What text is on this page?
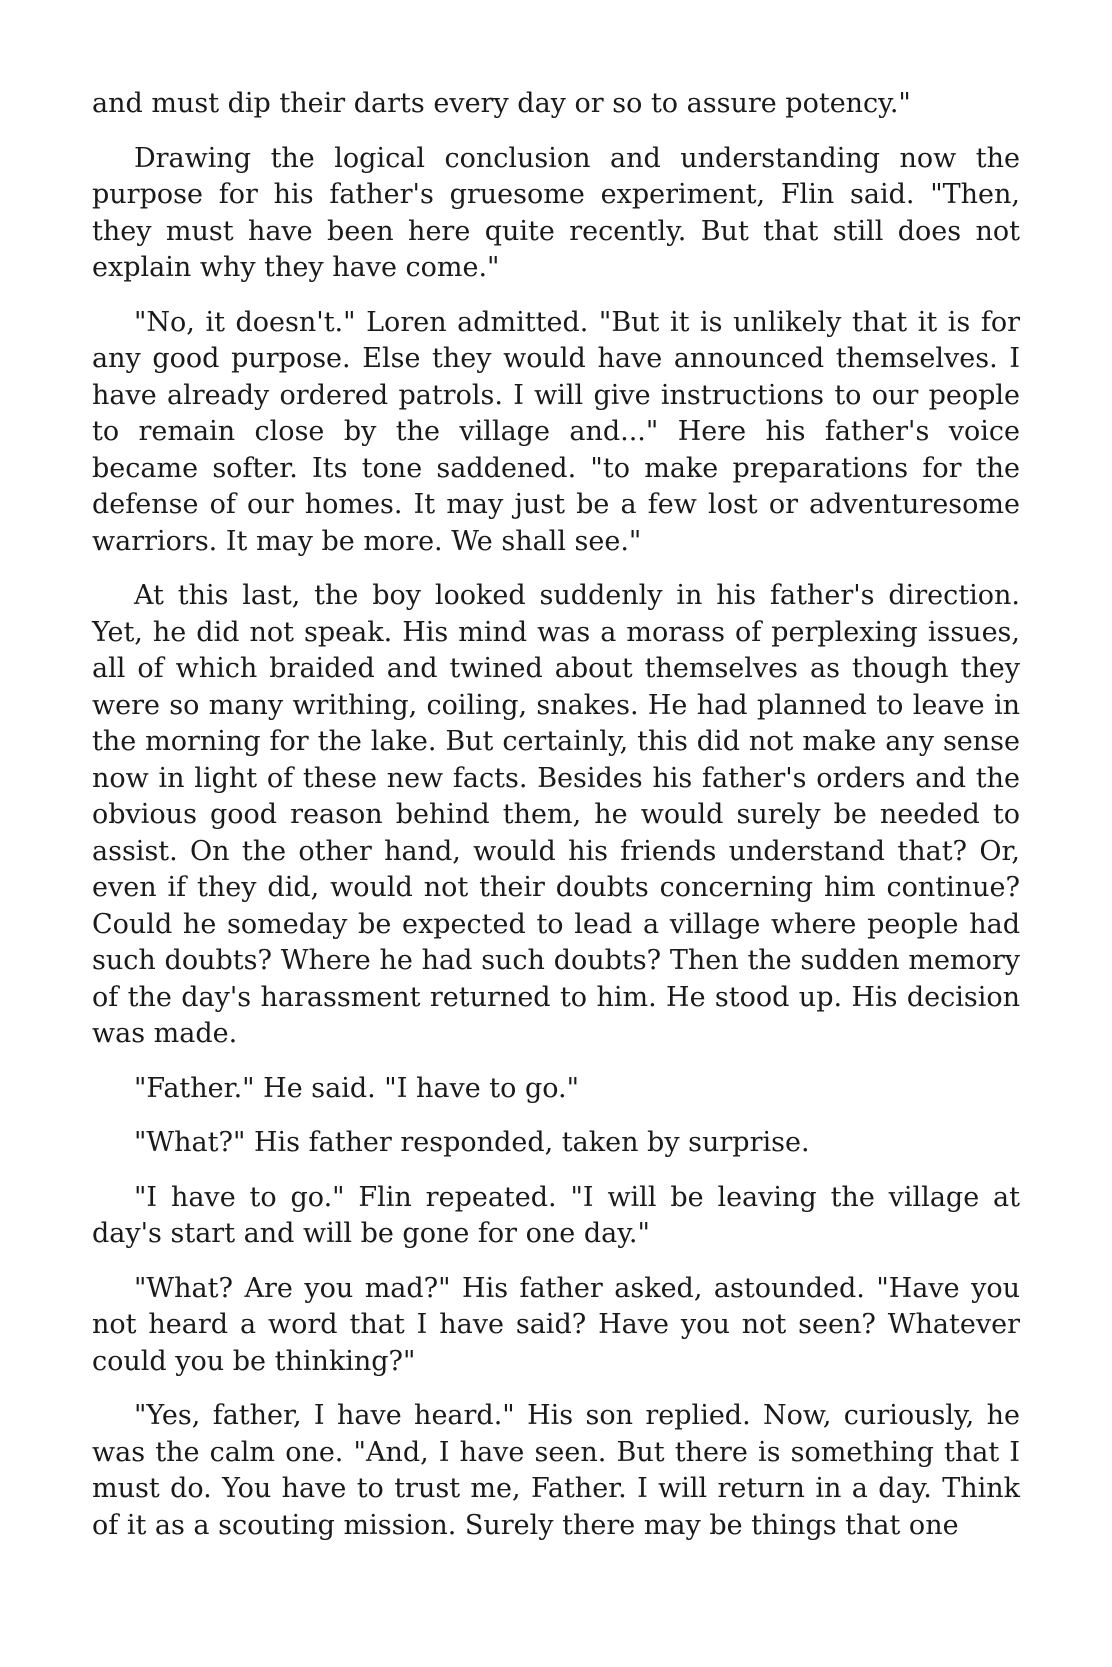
and must dip their darts every day or so to assure potency."

Drawing the logical conclusion and understanding now the purpose for his father's gruesome experiment, Flin said. "Then, they must have been here quite recently. But that still does not explain why they have come."

"No, it doesn't." Loren admitted. "But it is unlikely that it is for any good purpose. Else they would have announced themselves. I have already ordered patrols. I will give instructions to our people to remain close by the village and..." Here his father's voice became softer. Its tone saddened. "to make preparations for the defense of our homes. It may just be a few lost or adventuresome warriors. It may be more. We shall see."

At this last, the boy looked suddenly in his father's direction. Yet, he did not speak. His mind was a morass of perplexing issues, all of which braided and twined about themselves as though they were so many writhing, coiling, snakes. He had planned to leave in the morning for the lake. But certainly, this did not make any sense now in light of these new facts. Besides his father's orders and the obvious good reason behind them, he would surely be needed to assist. On the other hand, would his friends understand that? Or, even if they did, would not their doubts concerning him continue? Could he someday be expected to lead a village where people had such doubts? Where he had such doubts? Then the sudden memory of the day's harassment returned to him. He stood up. His decision was made.

"Father." He said. "I have to go."

"What?" His father responded, taken by surprise.

"I have to go." Flin repeated. "I will be leaving the village at day's start and will be gone for one day."

"What? Are you mad?" His father asked, astounded. "Have you not heard a word that I have said? Have you not seen? Whatever could you be thinking?"

"Yes, father, I have heard." His son replied. Now, curiously, he was the calm one. "And, I have seen. But there is something that I must do. You have to trust me, Father. I will return in a day. Think of it as a scouting mission. Surely there may be things that one
